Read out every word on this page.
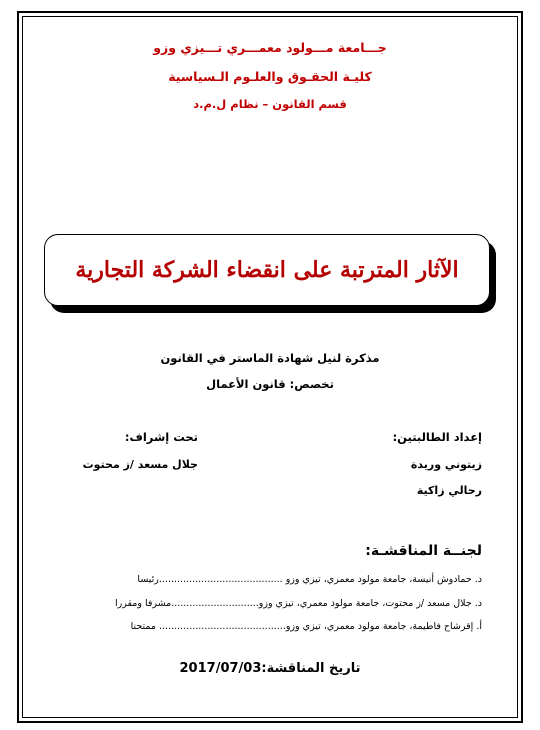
جـــامعة مـــولود معمـــري تـــيزي وزو
كليـة الحقـوق والعلـوم الـسياسية
قسم القانون – نظام ل.م.د
الآثار المترتبة على انقضاء الشركة التجارية
مذكرة لنيل شهادة الماستر في القانون
تخصص: قانون الأعمال
إعداد الطالبتين:
زيتوني وريدة
رحالي زاكية
تحت إشراف:
جلال مسعد /ز محتوت
لجنــة المناقشـة:
د. حمادوش أنيسة، جامعة مولود معمري، تيزي وزو .........................................رئيسا
د. جلال مسعد /ز محتوت، جامعة مولود معمري، تيزي وزو.............................مشرفا ومقررا
أ. إقرشاح فاطيمة، جامعة مولود معمري، تيزي وزو.......................................... ممتحنا
تاريخ المناقشة:2017/07/03
